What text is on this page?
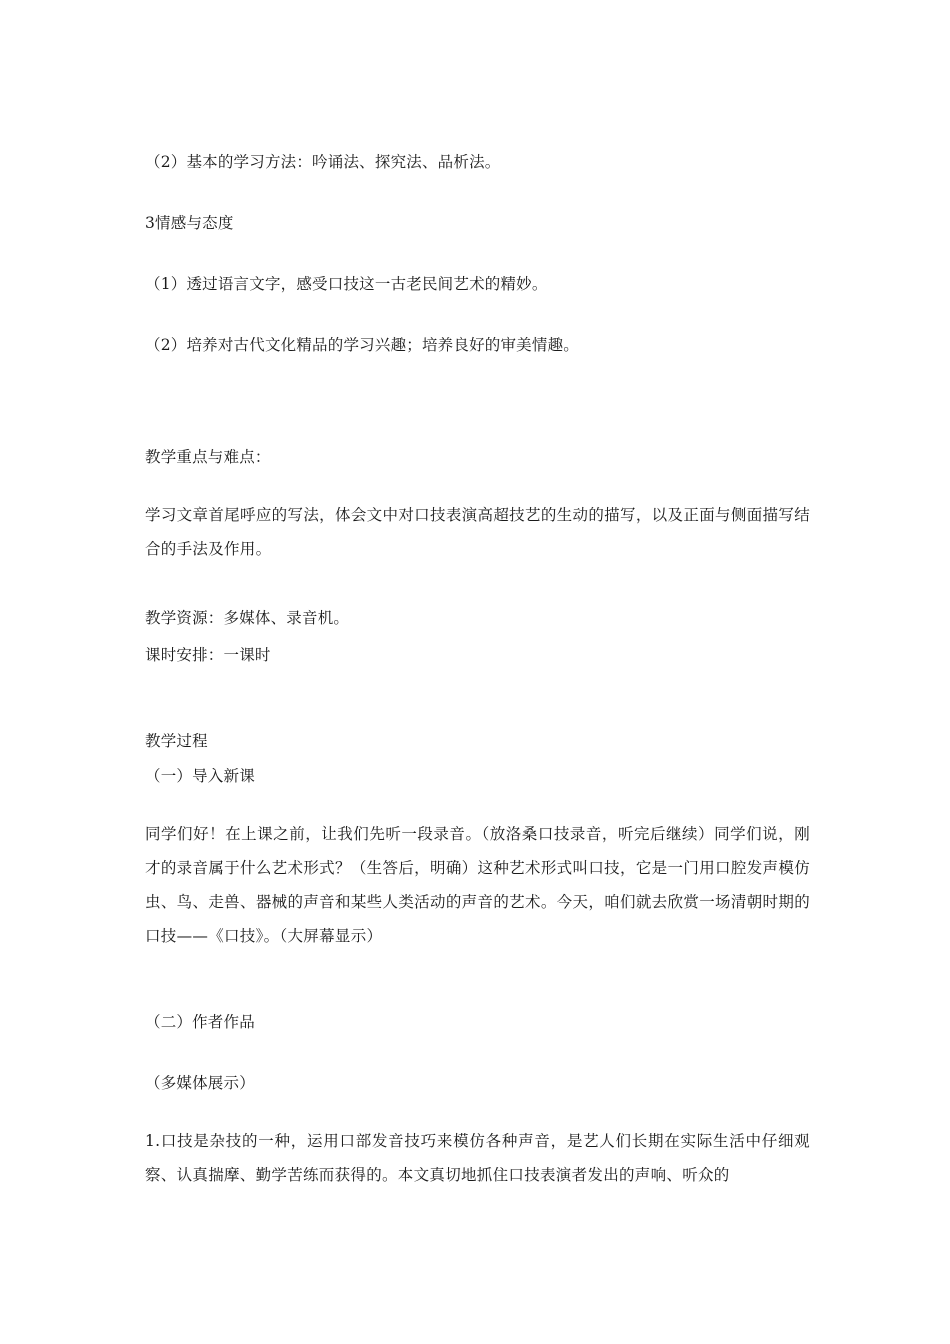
（2）基本的学习方法：吟诵法、探究法、品析法。
3情感与态度
（1）透过语言文字，感受口技这一古老民间艺术的精妙。
（2）培养对古代文化精品的学习兴趣；培养良好的审美情趣。
教学重点与难点：
学习文章首尾呼应的写法，体会文中对口技表演高超技艺的生动的描写，以及正面与侧面描写结合的手法及作用。
教学资源：多媒体、录音机。
课时安排：一课时
教学过程
（一）导入新课
同学们好！在上课之前，让我们先听一段录音。（放洛桑口技录音，听完后继续）同学们说，刚才的录音属于什么艺术形式？（生答后，明确）这种艺术形式叫口技，它是一门用口腔发声模仿虫、鸟、走兽、器械的声音和某些人类活动的声音的艺术。今天，咱们就去欣赏一场清朝时期的口技——《口技》。（大屏幕显示）
（二）作者作品
（多媒体展示）
1.口技是杂技的一种，运用口部发音技巧来模仿各种声音，是艺人们长期在实际生活中仔细观察、认真揣摩、勤学苦练而获得的。本文真切地抓住口技表演者发出的声响、听众的
